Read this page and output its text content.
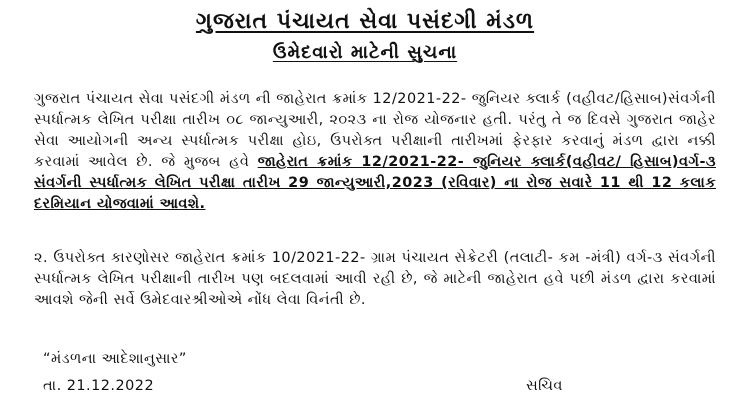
ગુજરાત પંચાયત સેવા પસંદગી મંડળ
ઉમેદવારો માટેની સુચના
ગુજરાત પંચાયત સેવા પસંદગી મંડળ ની જાહેરાત ક્રમાંક 12/2021-22- જુનિયર ક્લાર્ક (વહીવટ/હિસાબ)સંવર્ગની સ્પર્ધાત્મક લેખિત પરીક્ષા તારીખ ૦૮ જાન્યુઆરી, ૨૦૨૩ ના રોજ યોજનાર હતી. પરંતુ તે જ દિવસે ગુજરાત જાહેર સેવા આયોગની અન્ય સ્પર્ધાત્મક પરીક્ષા હોઇ, ઉપરોક્ત પરીક્ષાની તારીખમાં ફેરફાર કરવાનું મંડળ દ્વારા નક્કી કરવામાં આવેલ છે. જે મુજબ હવે જાહેરાત ક્રમાંક 12/2021-22- જુનિયર ક્લાર્ક(વહીવટ/ હિસાબ)વર્ગ-૩ સંવર્ગની સ્પર્ધાત્મક લેખિત પરીક્ષા તારીખ 29 જાન્યુઆરી,2023 (રવિવાર) ના રોજ સવારે 11 થી 12 કલાક દરમિયાન યોજવામાં આવશે.
૨. ઉપરોક્ત કારણોસર જાહેરાત ક્રમાંક 10/2021-22- ગ્રામ પંચાયત સેક્રેટરી (તલાટી- કમ -મંત્રી) વર્ગ-૩ સંવર્ગની સ્પર્ધાત્મક લેખિત પરીક્ષાની તારીખ પણ બદલવામાં આવી રહી છે, જે માટેની જાહેરાત હવે પછી મંડળ દ્વારા કરવામાં આવશે જેની સર્વે ઉમેદવારશ્રીઓએ નોંધ લેવા વિનંતી છે.
“મંડળના આદેશાનુસાર”
તા. 21.12.2022	સચિવ
